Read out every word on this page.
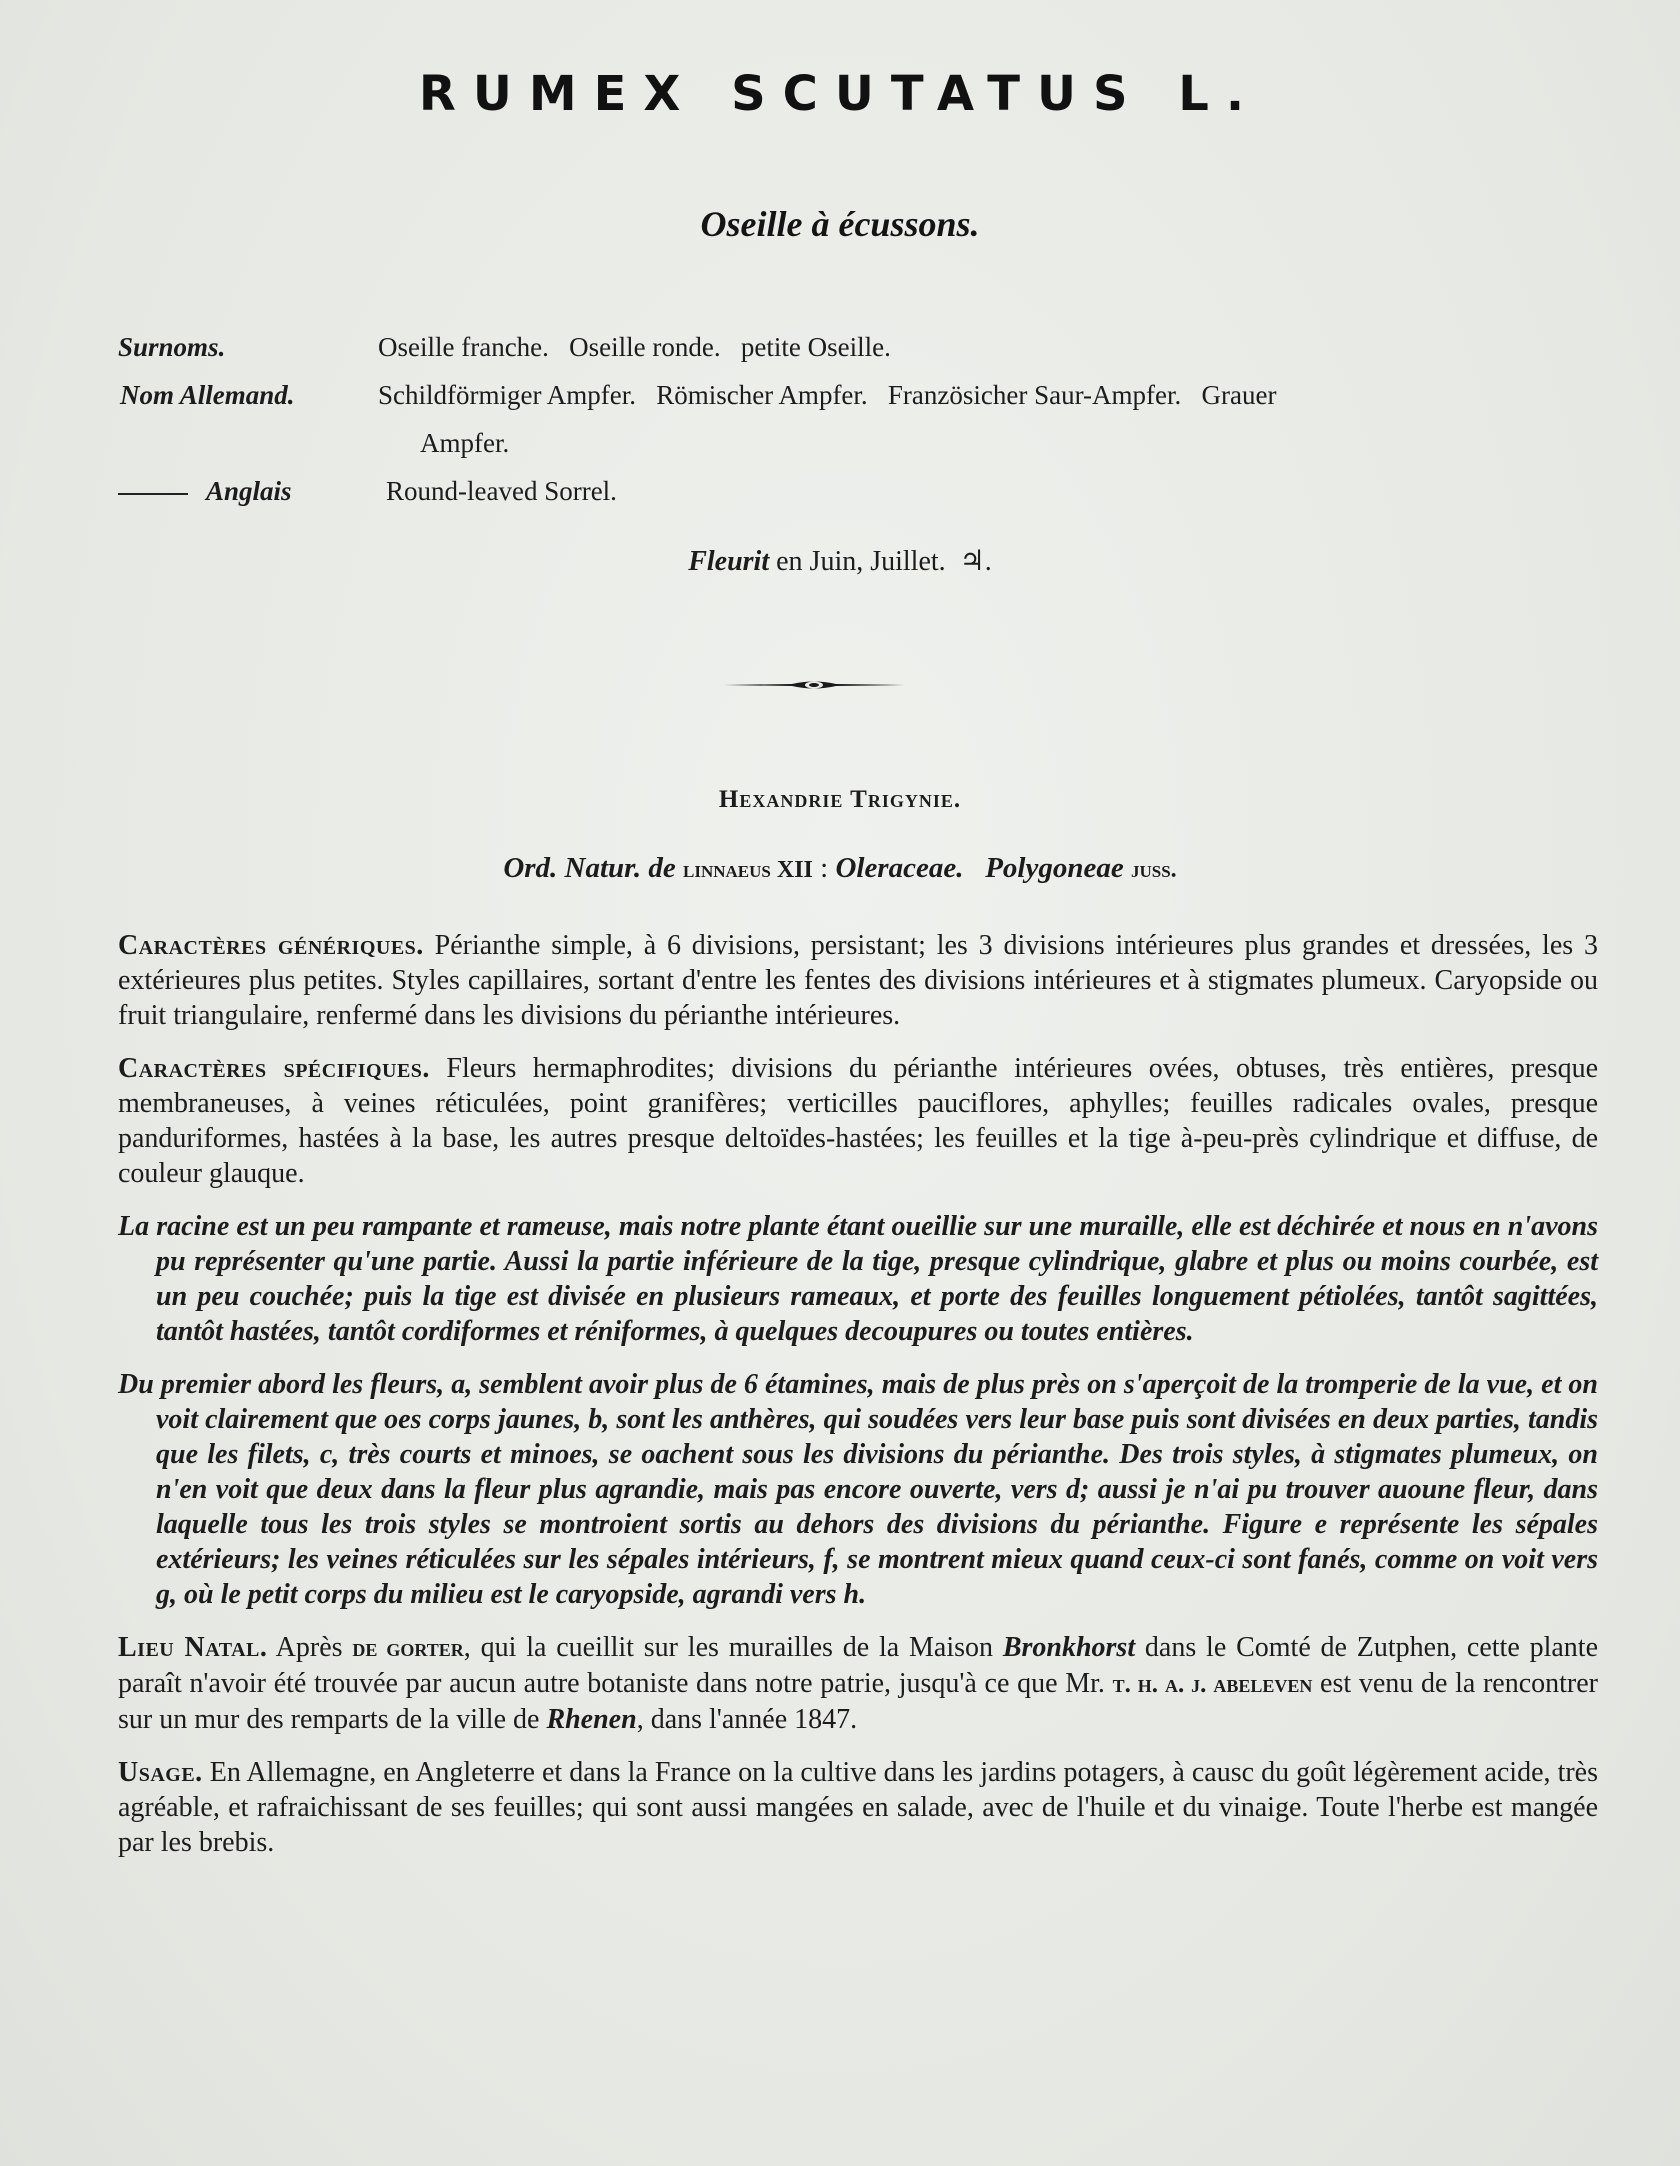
RUMEX SCUTATUS L.
Oseille à écussons.
Surnoms.	Oseille franche.   Oseille ronde.   petite Oseille.
Nom Allemand.	Schildförmiger Ampfer.   Römischer Ampfer.   Französicher Saur-Ampfer.   Grauer
Ampfer.
Anglais	Round-leaved Sorrel.
Fleurit en Juin, Juillet.  ♃.
Hexandrie Trigynie.
Ord. Natur. de linnaeus XII : Oleraceae.   Polygoneae juss.

Caractères génériques. Périanthe simple, à 6 divisions, persistant; les 3 divisions intérieures plus grandes et dressées, les 3 extérieures plus petites. Styles capillaires, sortant d'entre les fentes des divisions intérieures et à stigmates plumeux. Caryopside ou fruit triangulaire, renfermé dans les divisions du périanthe intérieures.

Caractères spécifiques. Fleurs hermaphrodites; divisions du périanthe intérieures ovées, obtuses, très entières, presque membraneuses, à veines réticulées, point granifères; verticilles pauciflores, aphylles; feuilles radicales ovales, presque panduriformes, hastées à la base, les autres presque deltoïdes-hastées; les feuilles et la tige à-peu-près cylindrique et diffuse, de couleur glauque.

La racine est un peu rampante et rameuse, mais notre plante étant oueillie sur une muraille, elle est déchirée et nous en n'avons pu représenter qu'une partie. Aussi la partie inférieure de la tige, presque cylindrique, glabre et plus ou moins courbée, est un peu couchée; puis la tige est divisée en plusieurs rameaux, et porte des feuilles longuement pétiolées, tantôt sagittées, tantôt hastées, tantôt cordiformes et réniformes, à quelques decoupures ou toutes entières.

Du premier abord les fleurs, a, semblent avoir plus de 6 étamines, mais de plus près on s'aperçoit de la tromperie de la vue, et on voit clairement que oes corps jaunes, b, sont les anthères, qui soudées vers leur base puis sont divisées en deux parties, tandis que les filets, c, très courts et minoes, se oachent sous les divisions du périanthe. Des trois styles, à stigmates plumeux, on n'en voit que deux dans la fleur plus agrandie, mais pas encore ouverte, vers d; aussi je n'ai pu trouver auoune fleur, dans laquelle tous les trois styles se montroient sortis au dehors des divisions du périanthe. Figure e représente les sépales extérieurs; les veines réticulées sur les sépales intérieurs, f, se montrent mieux quand ceux-ci sont fanés, comme on voit vers g, où le petit corps du milieu est le caryopside, agrandi vers h.

Lieu Natal. Après de gorter, qui la cueillit sur les murailles de la Maison Bronkhorst dans le Comté de Zutphen, cette plante paraît n'avoir été trouvée par aucun autre botaniste dans notre patrie, jusqu'à ce que Mr. t. h. a. j. abeleven est venu de la rencontrer sur un mur des remparts de la ville de Rhenen, dans l'année 1847.

Usage. En Allemagne, en Angleterre et dans la France on la cultive dans les jardins potagers, à causc du goût légèrement acide, très agréable, et rafraichissant de ses feuilles; qui sont aussi mangées en salade, avec de l'huile et du vinaige. Toute l'herbe est mangée par les brebis.
